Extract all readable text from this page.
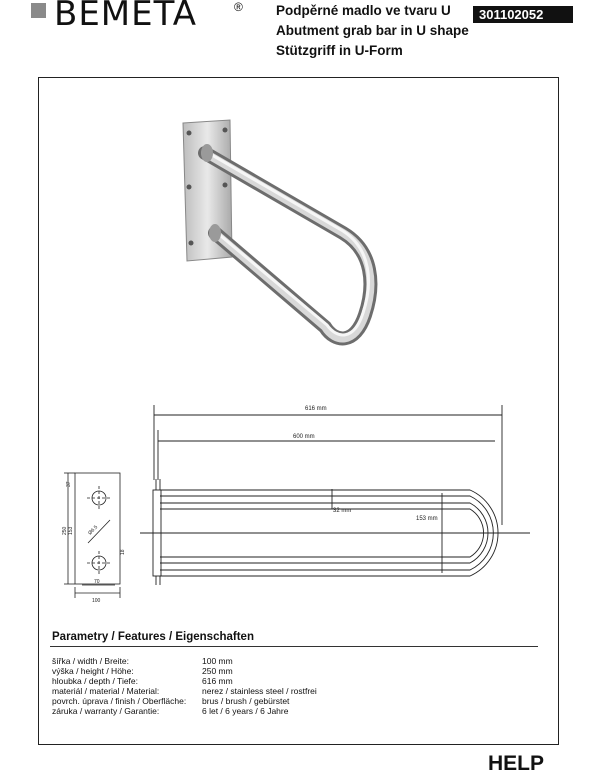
BEMETA	® Podpěrné madlo ve tvaru U
Abutment grab bar in U shape
Stützgriff in U-Form
301102052
37
153
250
18
70
100
Ø6.5
616 mm
600 mm
32 mm
153 mm
Parametry / Features / Eigenschaften
šířka / width / Breite:	100 mm
výška / height / Höhe:	250 mm
hloubka / depth / Tiefe:	616 mm
materiál / material / Material:	nerez / stainless steel / rostfrei
povrch. úprava / finish / Oberfläche: brus / brush / gebürstet
záruka / warranty / Garantie:	6 let / 6 years / 6 Jahre
HELP
